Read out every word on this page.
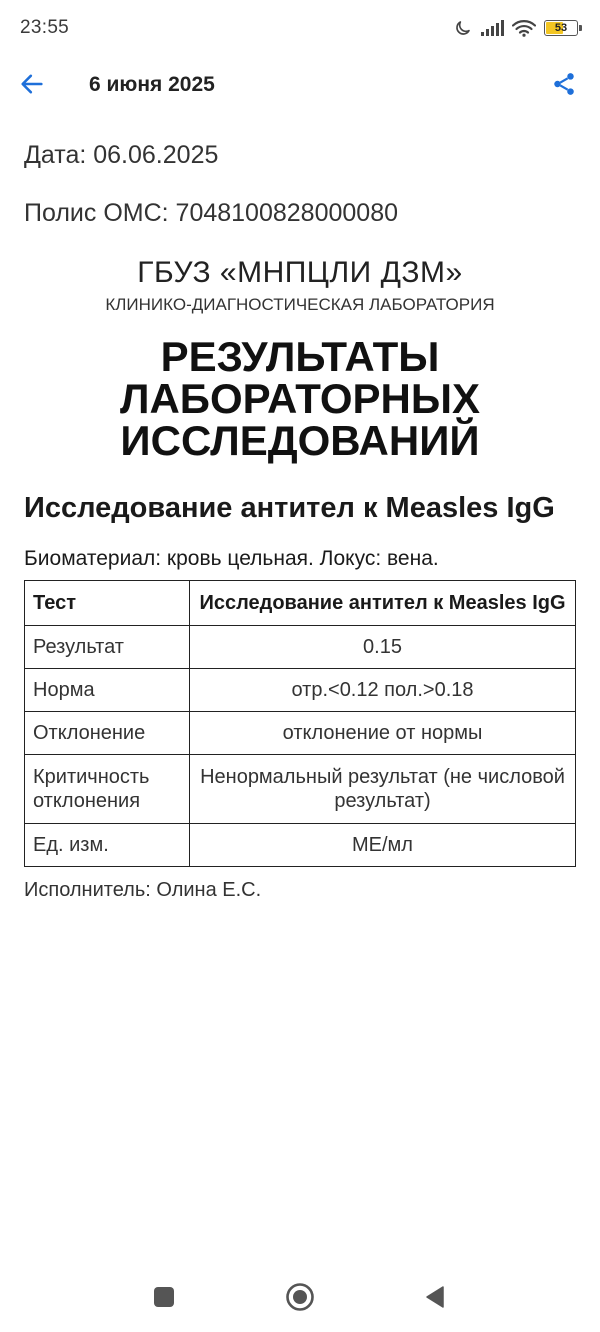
23:55	53
6 июня 2025
Дата: 06.06.2025
Полис ОМС: 7048100828000080
ГБУЗ «МНПЦЛИ ДЗМ»
КЛИНИКО-ДИАГНОСТИЧЕСКАЯ ЛАБОРАТОРИЯ
РЕЗУЛЬТАТЫ
ЛАБОРАТОРНЫХ
ИССЛЕДОВАНИЙ
Исследование антител к Measles IgG
Биоматериал: кровь цельная. Локус: вена.
Тест	Исследование антител к Measles IgG
Результат	0.15
Норма	отр.<0.12 пол.>0.18
Отклонение	отклонение от нормы
Критичность отклонения	Ненормальный результат (не числовой результат)
Ед. изм.	МЕ/мл
Исполнитель: Олина Е.С.
